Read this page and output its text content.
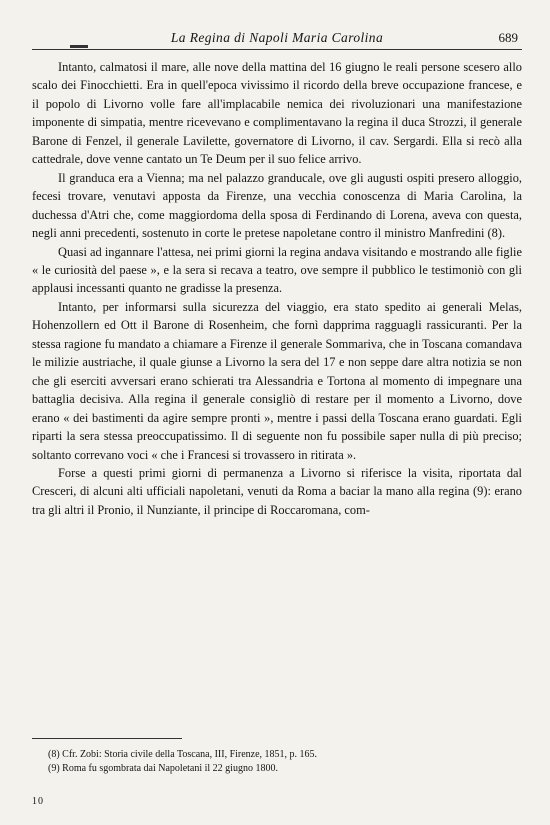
La Regina di Napoli Maria Carolina	689

Intanto, calmatosi il mare, alle nove della mattina del 16 giugno le reali persone scesero allo scalo dei Finocchietti. Era in quell'epoca vivissimo il ricordo della breve occupazione francese, e il popolo di Livorno volle fare all'implacabile nemica dei rivoluzionari una manifestazione imponente di simpatia, mentre ricevevano e complimentavano la regina il duca Strozzi, il generale Barone di Fenzel, il generale Lavilette, governatore di Livorno, il cav. Sergardi. Ella si recò alla cattedrale, dove venne cantato un Te Deum per il suo felice arrivo.

Il granduca era a Vienna; ma nel palazzo granducale, ove gli augusti ospiti presero alloggio, fecesi trovare, venutavi apposta da Firenze, una vecchia conoscenza di Maria Carolina, la duchessa d'Atri che, come maggiordoma della sposa di Ferdinando di Lorena, aveva con questa, negli anni precedenti, sostenuto in corte le pretese napoletane contro il ministro Manfredini (8).

Quasi ad ingannare l'attesa, nei primi giorni la regina andava visitando e mostrando alle figlie « le curiosità del paese », e la sera si recava a teatro, ove sempre il pubblico le testimoniò con gli applausi incessanti quanto ne gradisse la presenza.

Intanto, per informarsi sulla sicurezza del viaggio, era stato spedito ai generali Melas, Hohenzollern ed Ott il Barone di Rosenheim, che fornì dapprima ragguagli rassicuranti. Per la stessa ragione fu mandato a chiamare a Firenze il generale Sommariva, che in Toscana comandava le milizie austriache, il quale giunse a Livorno la sera del 17 e non seppe dare altra notizia se non che gli eserciti avversari erano schierati tra Alessandria e Tortona al momento di impegnare una battaglia decisiva. Alla regina il generale consigliò di restare per il momento a Livorno, dove erano « dei bastimenti da agire sempre pronti », mentre i passi della Toscana erano guardati. Egli riparti la sera stessa preoccupatissimo. Il di seguente non fu possibile saper nulla di più preciso; soltanto correvano voci « che i Francesi si trovassero in ritirata ».

Forse a questi primi giorni di permanenza a Livorno si riferisce la visita, riportata dal Cresceri, di alcuni alti ufficiali napoletani, venuti da Roma a baciar la mano alla regina (9): erano tra gli altri il Pronio, il Nunziante, il principe di Roccaromana, com-

(8) Cfr. Zobi: Storia civile della Toscana, III, Firenze, 1851, p. 165.

(9) Roma fu sgombrata dai Napoletani il 22 giugno 1800.

10
